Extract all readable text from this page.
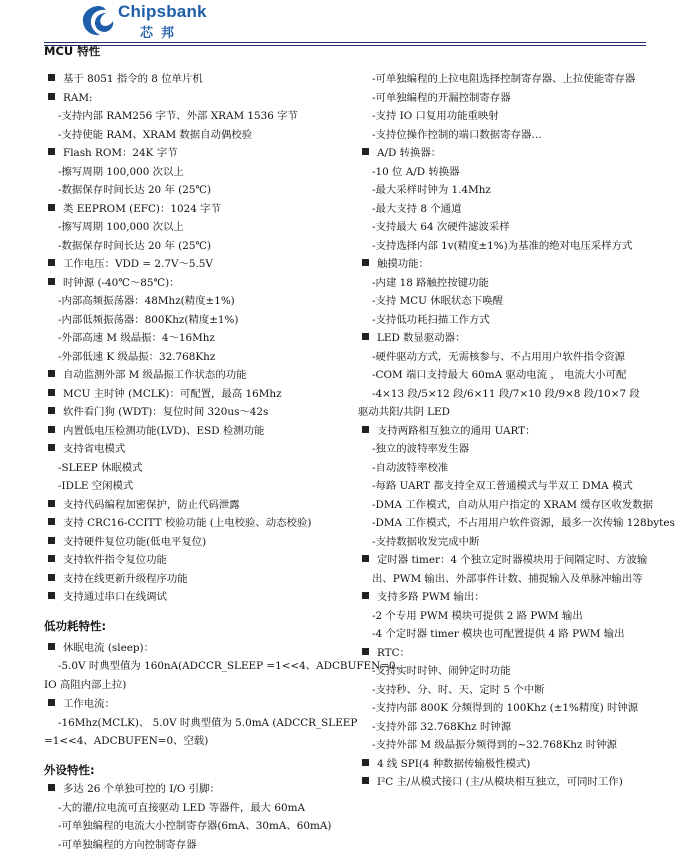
Chipsbank
芯邦
MCU 特性
基于 8051 指令的 8 位单片机
RAM:
-支持内部 RAM256 字节、外部 XRAM 1536 字节
-支持使能 RAM、XRAM 数据自动偶校验
Flash ROM：24K 字节
-擦写周期 100,000 次以上
-数据保存时间长达 20 年 (25℃)
类 EEPROM (EFC)：1024 字节
-擦写周期 100,000 次以上
-数据保存时间长达 20 年 (25℃)
工作电压：VDD = 2.7V～5.5V
时钟源 (-40℃～85℃)：
-内部高频振荡器：48Mhz(精度±1%)
-内部低频振荡器：800Khz(精度±1%)
-外部高速 M 级晶振：4～16Mhz
-外部低速 K 级晶振：32.768Khz
自动监测外部 M 级晶振工作状态的功能
MCU 主时钟 (MCLK)：可配置，最高 16Mhz
软件看门狗 (WDT)：复位时间 320us～42s
内置低电压检测功能(LVD)、ESD 检测功能
支持省电模式
-SLEEP 休眠模式
-IDLE 空闲模式
支持代码编程加密保护，防止代码泄露
支持 CRC16-CCITT 校验功能 (上电校验、动态校验)
支持硬件复位功能(低电平复位)
支持软件指令复位功能
支持在线更新升级程序功能
支持通过串口在线调试
低功耗特性:
休眠电流 (sleep)：
-5.0V 时典型值为 160nA(ADCCR_SLEEP =1<<4、ADCBUFEN=0、
IO 高阻内部上拉)
工作电流：
-16Mhz(MCLK)、 5.0V 时典型值为 5.0mA (ADCCR_SLEEP
=1<<4、ADCBUFEN=0、空载)
外设特性:
多达 26 个单独可控的 I/O 引脚：
-大的灌/拉电流可直接驱动 LED 等器件，最大 60mA
-可单独编程的电流大小控制寄存器(6mA、30mA、60mA)
-可单独编程的方向控制寄存器
-可单独编程的上拉电阻选择控制寄存器、上拉使能寄存器
-可单独编程的开漏控制寄存器
-支持 IO 口复用功能重映射
-支持位操作控制的端口数据寄存器…
A/D 转换器：
-10 位 A/D 转换器
-最大采样时钟为 1.4Mhz
-最大支持 8 个通道
-支持最大 64 次硬件滤波采样
-支持选择内部 1v(精度±1%)为基准的绝对电压采样方式
触摸功能：
-内建 18 路触控按键功能
-支持 MCU 休眠状态下唤醒
-支持低功耗扫描工作方式
LED 数显驱动器：
-硬件驱动方式，无需核参与、不占用用户软件指令资源
-COM 端口支持最大 60mA 驱动电流 ， 电流大小可配
-4×13 段/5×12 段/6×11 段/7×10 段/9×8 段/10×7 段
驱动共阳/共阴 LED
支持两路相互独立的通用 UART：
-独立的波特率发生器
-自动波特率校准
-每路 UART 都支持全双工普通模式与半双工 DMA 模式
-DMA 工作模式，自动从用户指定的 XRAM 缓存区收发数据
-DMA 工作模式，不占用用户软件资源，最多一次传输 128bytes
-支持数据收发完成中断
定时器 timer：4 个独立定时器模块用于间隔定时、方波输
出、PWM 输出、外部事件计数、捕捉输入及单脉冲输出等
支持多路 PWM 输出：
-2 个专用 PWM 模块可提供 2 路 PWM 输出
-4 个定时器 timer 模块也可配置提供 4 路 PWM 输出
RTC：
-支持实时时钟、闹钟定时功能
-支持秒、分、时、天、定时 5 个中断
-支持内部 800K 分频得到的 100Khz (±1%精度) 时钟源
-支持外部 32.768Khz 时钟源
-支持外部 M 级晶振分频得到的~32.768Khz 时钟源
4 线 SPI(4 种数据传输极性模式)
I²C 主/从模式接口 (主/从模块相互独立，可同时工作)
